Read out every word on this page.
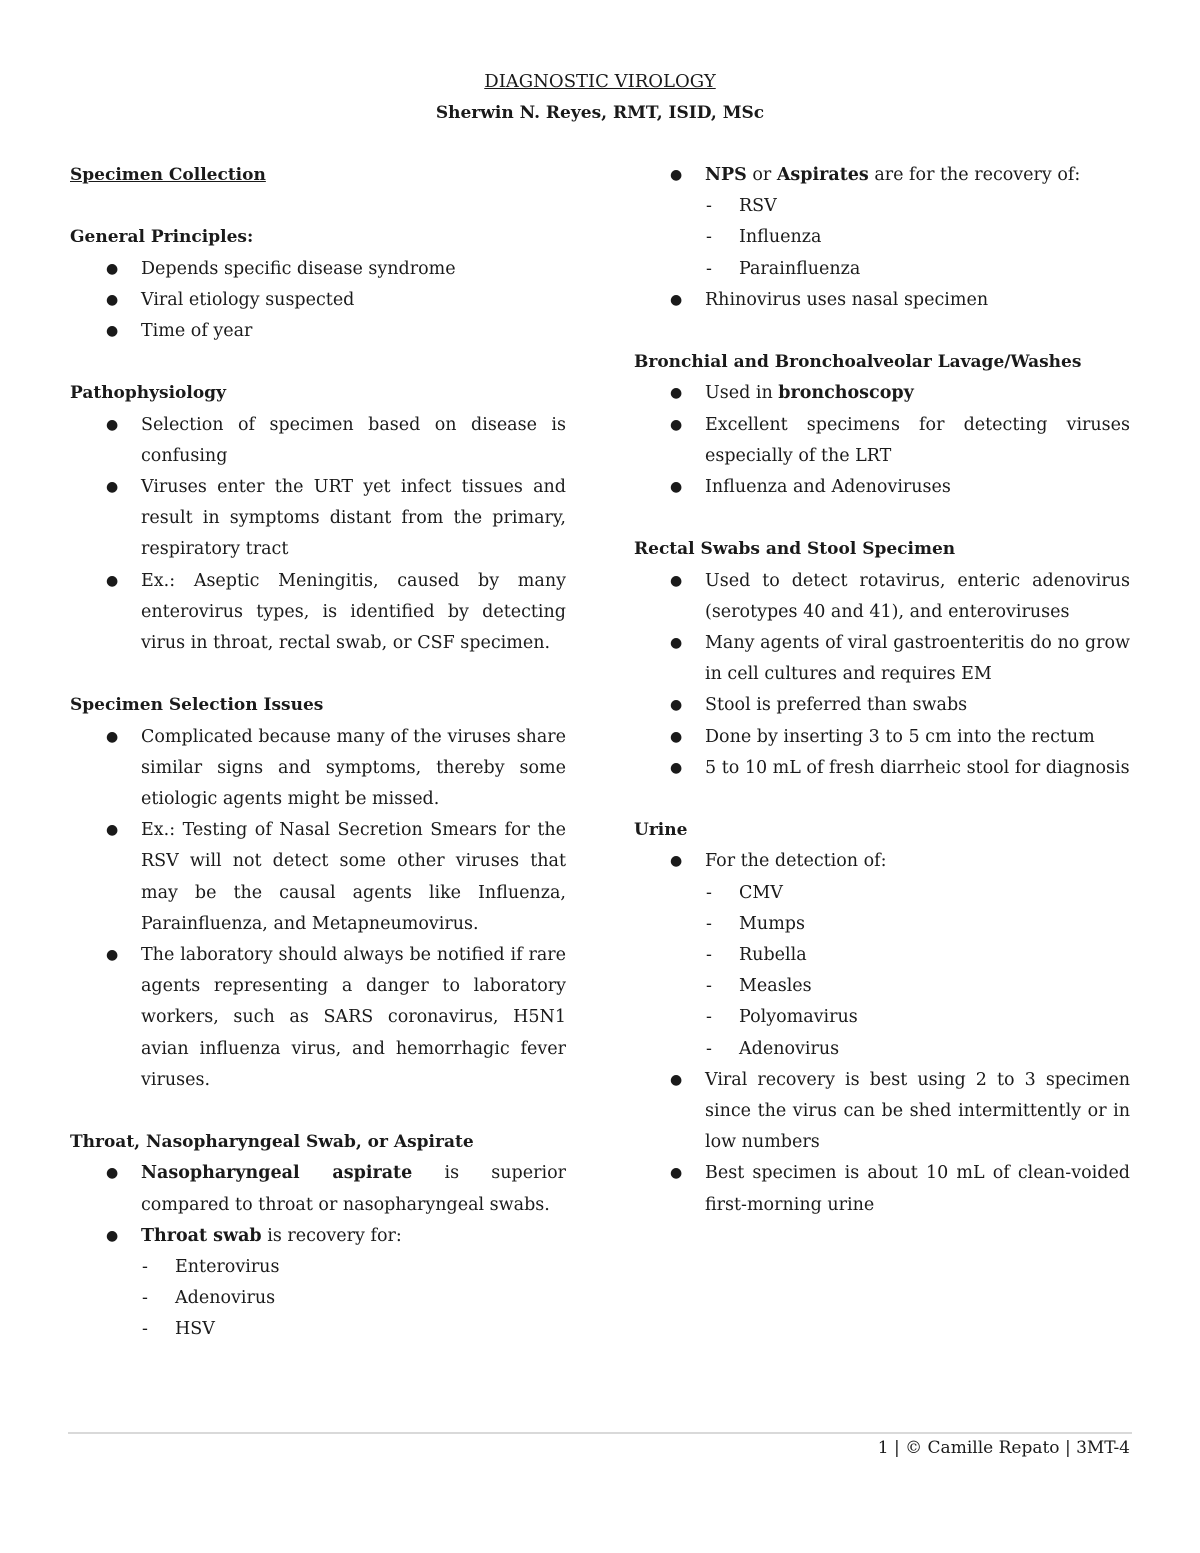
DIAGNOSTIC VIROLOGY
Sherwin N. Reyes, RMT, ISID, MSc

Specimen Collection

General Principles:

● Depends specific disease syndrome
● Viral etiology suspected
● Time of year

Pathophysiology

● Selection of specimen based on disease is confusing
● Viruses enter the URT yet infect tissues and result in symptoms distant from the primary, respiratory tract
● Ex.: Aseptic Meningitis, caused by many enterovirus types, is identified by detecting virus in throat, rectal swab, or CSF specimen.

Specimen Selection Issues

● Complicated because many of the viruses share similar signs and symptoms, thereby some etiologic agents might be missed.
● Ex.: Testing of Nasal Secretion Smears for the RSV will not detect some other viruses that may be the causal agents like Influenza, Parainfluenza, and Metapneumovirus.
● The laboratory should always be notified if rare agents representing a danger to laboratory workers, such as SARS coronavirus, H5N1 avian influenza virus, and hemorrhagic fever viruses.

Throat, Nasopharyngeal Swab, or Aspirate

● Nasopharyngeal aspirate is superior compared to throat or nasopharyngeal swabs.
● Throat swab is recovery for:
- Enterovirus
- Adenovirus
- HSV
● NPS or Aspirates are for the recovery of:
- RSV
- Influenza
- Parainfluenza
● Rhinovirus uses nasal specimen

Bronchial and Bronchoalveolar Lavage/Washes

● Used in bronchoscopy
● Excellent specimens for detecting viruses especially of the LRT
● Influenza and Adenoviruses

Rectal Swabs and Stool Specimen

● Used to detect rotavirus, enteric adenovirus (serotypes 40 and 41), and enteroviruses
● Many agents of viral gastroenteritis do no grow in cell cultures and requires EM
● Stool is preferred than swabs
● Done by inserting 3 to 5 cm into the rectum
● 5 to 10 mL of fresh diarrheic stool for diagnosis

Urine

● For the detection of:
- CMV
- Mumps
- Rubella
- Measles
- Polyomavirus
- Adenovirus
● Viral recovery is best using 2 to 3 specimen since the virus can be shed intermittently or in low numbers
● Best specimen is about 10 mL of clean-voided first-morning urine
1 | © Camille Repato | 3MT-4
